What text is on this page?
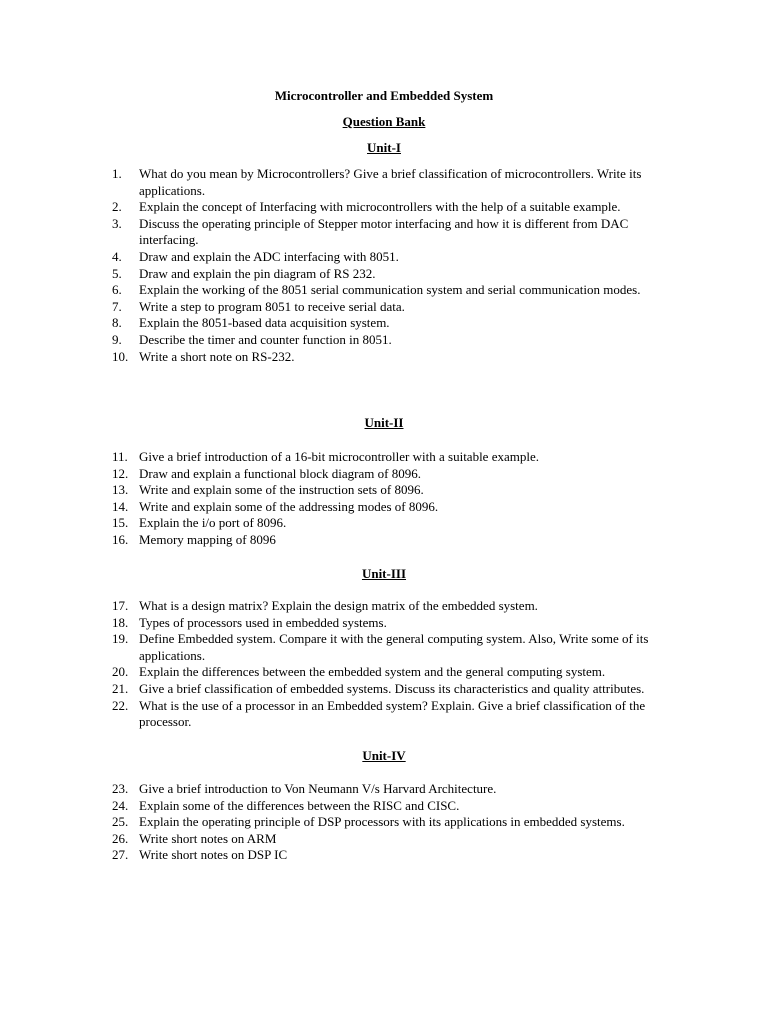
Microcontroller and Embedded System
Question Bank
Unit-I
1. What do you mean by Microcontrollers? Give a brief classification of microcontrollers. Write its applications.
2. Explain the concept of Interfacing with microcontrollers with the help of a suitable example.
3. Discuss the operating principle of Stepper motor interfacing and how it is different from DAC interfacing.
4. Draw and explain the ADC interfacing with 8051.
5. Draw and explain the pin diagram of RS 232.
6. Explain the working of the 8051 serial communication system and serial communication modes.
7. Write a step to program 8051 to receive serial data.
8. Explain the 8051-based data acquisition system.
9. Describe the timer and counter function in 8051.
10. Write a short note on RS-232.
Unit-II
11. Give a brief introduction of a 16-bit microcontroller with a suitable example.
12. Draw and explain a functional block diagram of 8096.
13. Write and explain some of the instruction sets of 8096.
14. Write and explain some of the addressing modes of 8096.
15. Explain the i/o port of 8096.
16. Memory mapping of 8096
Unit-III
17. What is a design matrix? Explain the design matrix of the embedded system.
18. Types of processors used in embedded systems.
19. Define Embedded system. Compare it with the general computing system. Also, Write some of its applications.
20. Explain the differences between the embedded system and the general computing system.
21. Give a brief classification of embedded systems. Discuss its characteristics and quality attributes.
22. What is the use of a processor in an Embedded system? Explain. Give a brief classification of the processor.
Unit-IV
23. Give a brief introduction to Von Neumann V/s Harvard Architecture.
24. Explain some of the differences between the RISC and CISC.
25. Explain the operating principle of DSP processors with its applications in embedded systems.
26. Write short notes on ARM
27. Write short notes on DSP IC
